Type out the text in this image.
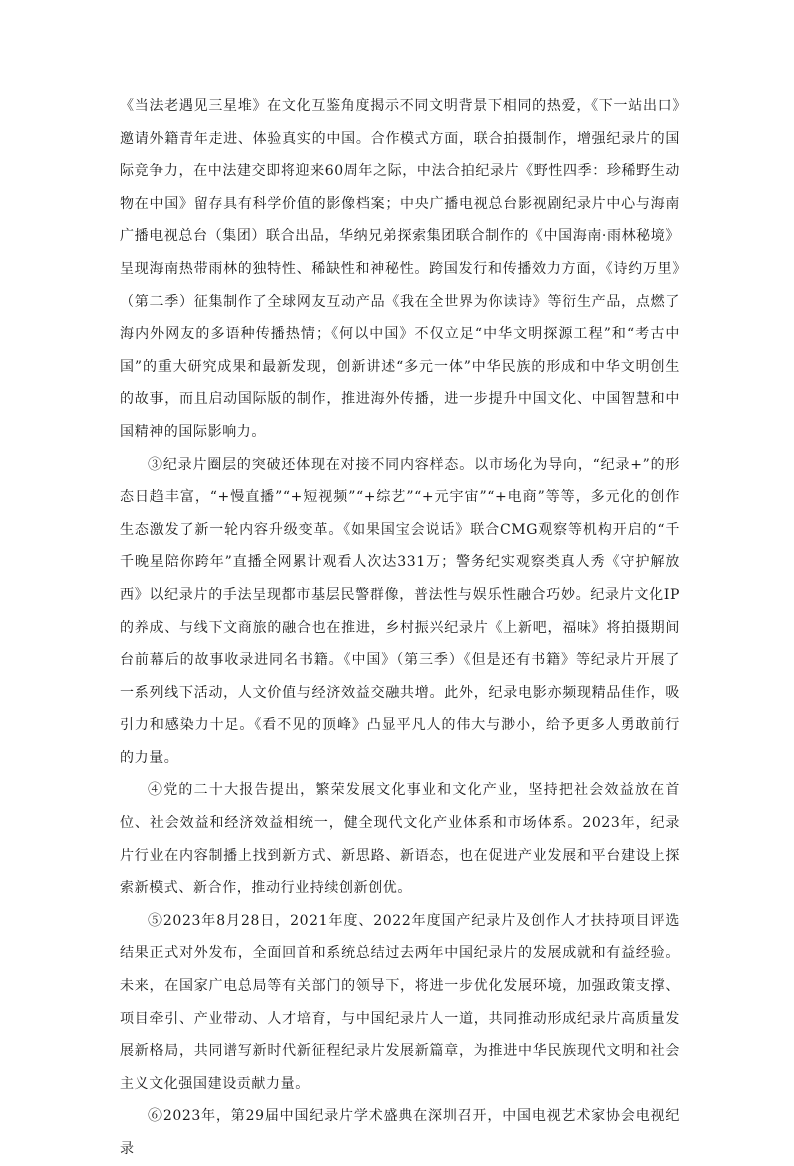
《当法老遇见三星堆》在文化互鉴角度揭示不同文明背景下相同的热爱，《下一站出口》邀请外籍青年走进、体验真实的中国。合作模式方面，联合拍摄制作，增强纪录片的国际竞争力，在中法建交即将迎来60周年之际，中法合拍纪录片《野性四季：珍稀野生动物在中国》留存具有科学价值的影像档案；中央广播电视总台影视剧纪录片中心与海南广播电视总台（集团）联合出品，华纳兄弟探索集团联合制作的《中国海南·雨林秘境》呈现海南热带雨林的独特性、稀缺性和神秘性。跨国发行和传播效力方面，《诗约万里》（第二季）征集制作了全球网友互动产品《我在全世界为你读诗》等衍生产品，点燃了海内外网友的多语种传播热情；《何以中国》不仅立足“中华文明探源工程”和“考古中国”的重大研究成果和最新发现，创新讲述“多元一体”中华民族的形成和中华文明创生的故事，而且启动国际版的制作，推进海外传播，进一步提升中国文化、中国智慧和中国精神的国际影响力。

③纪录片圈层的突破还体现在对接不同内容样态。以市场化为导向，“纪录+”的形态日趋丰富，“+慢直播”“+短视频”“+综艺”“+元宇宙”“+电商”等等，多元化的创作生态激发了新一轮内容升级变革。《如果国宝会说话》联合CMG观察等机构开启的“千千晚星陪你跨年”直播全网累计观看人次达331万；警务纪实观察类真人秀《守护解放西》以纪录片的手法呈现都市基层民警群像，普法性与娱乐性融合巧妙。纪录片文化IP的养成、与线下文商旅的融合也在推进，乡村振兴纪录片《上新吧，福味》将拍摄期间台前幕后的故事收录进同名书籍。《中国》（第三季）《但是还有书籍》等纪录片开展了一系列线下活动，人文价值与经济效益交融共增。此外，纪录电影亦频现精品佳作，吸引力和感染力十足。《看不见的顶峰》凸显平凡人的伟大与渺小，给予更多人勇敢前行的力量。

④党的二十大报告提出，繁荣发展文化事业和文化产业，坚持把社会效益放在首位、社会效益和经济效益相统一，健全现代文化产业体系和市场体系。2023年，纪录片行业在内容制播上找到新方式、新思路、新语态，也在促进产业发展和平台建设上探索新模式、新合作，推动行业持续创新创优。

⑤2023年8月28日，2021年度、2022年度国产纪录片及创作人才扶持项目评选结果正式对外发布，全面回首和系统总结过去两年中国纪录片的发展成就和有益经验。未来，在国家广电总局等有关部门的领导下，将进一步优化发展环境，加强政策支撑、项目牵引、产业带动、人才培育，与中国纪录片人一道，共同推动形成纪录片高质量发展新格局，共同谱写新时代新征程纪录片发展新篇章，为推进中华民族现代文明和社会主义文化强国建设贡献力量。

⑥2023年，第29届中国纪录片学术盛典在深圳召开，中国电视艺术家协会电视纪录
